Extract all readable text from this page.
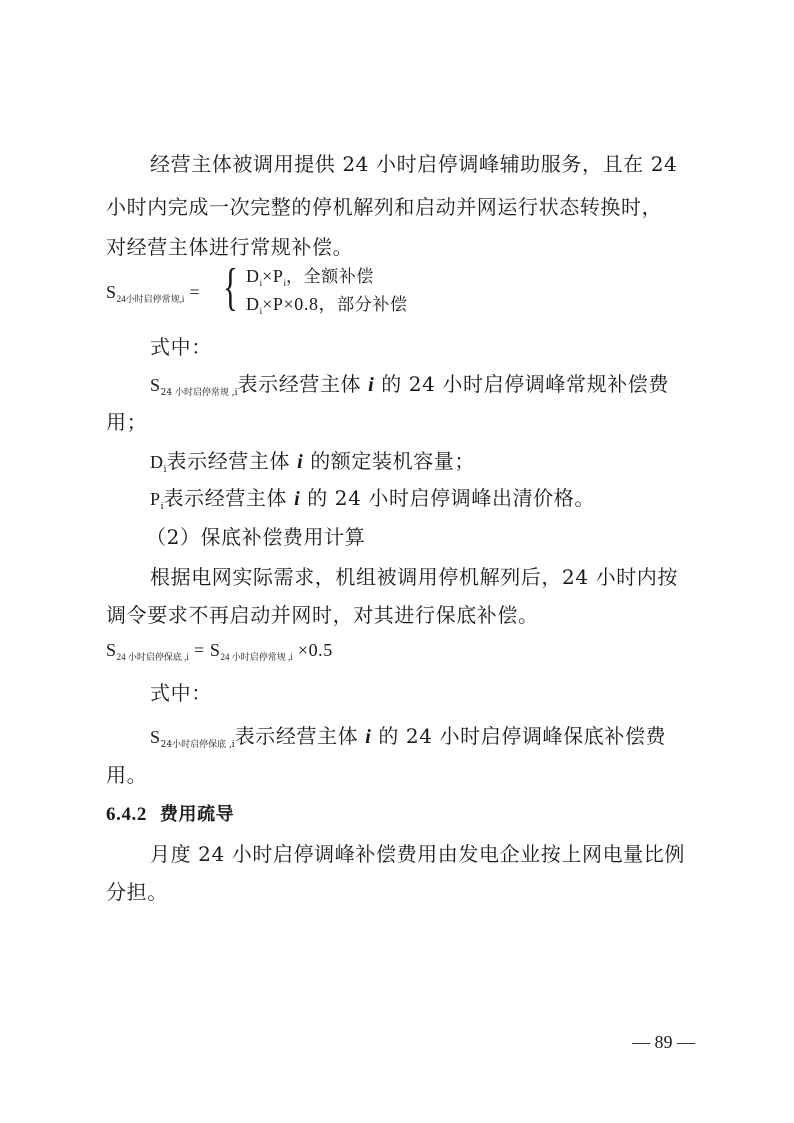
经营主体被调用提供 24 小时启停调峰辅助服务，且在 24
小时内完成一次完整的停机解列和启动并网运行状态转换时，
对经营主体进行常规补偿。
$S_{24小时启停常规,i}$ = { $D_i\times P_i$，全额补偿
$D_i\times P\times 0.8$，部分补偿
式中：
$S_{24 小时启停常规 ,i}$表示经营主体 i 的 24 小时启停调峰常规补偿费
用；
$D_i$表示经营主体 i 的额定装机容量；
$P_i$表示经营主体 i 的 24 小时启停调峰出清价格。
（2）保底补偿费用计算
根据电网实际需求，机组被调用停机解列后，24 小时内按
调令要求不再启动并网时，对其进行保底补偿。
$S_{24 小时启停保底 ,i} = S_{24 小时启停常规 ,i} \times 0.5$
式中：
$S_{24小时启停保底 ,i}$表示经营主体 i 的 24 小时启停调峰保底补偿费
用。
6.4.2 费用疏导
月度 24 小时启停调峰补偿费用由发电企业按上网电量比例
分担。
— 89 —
